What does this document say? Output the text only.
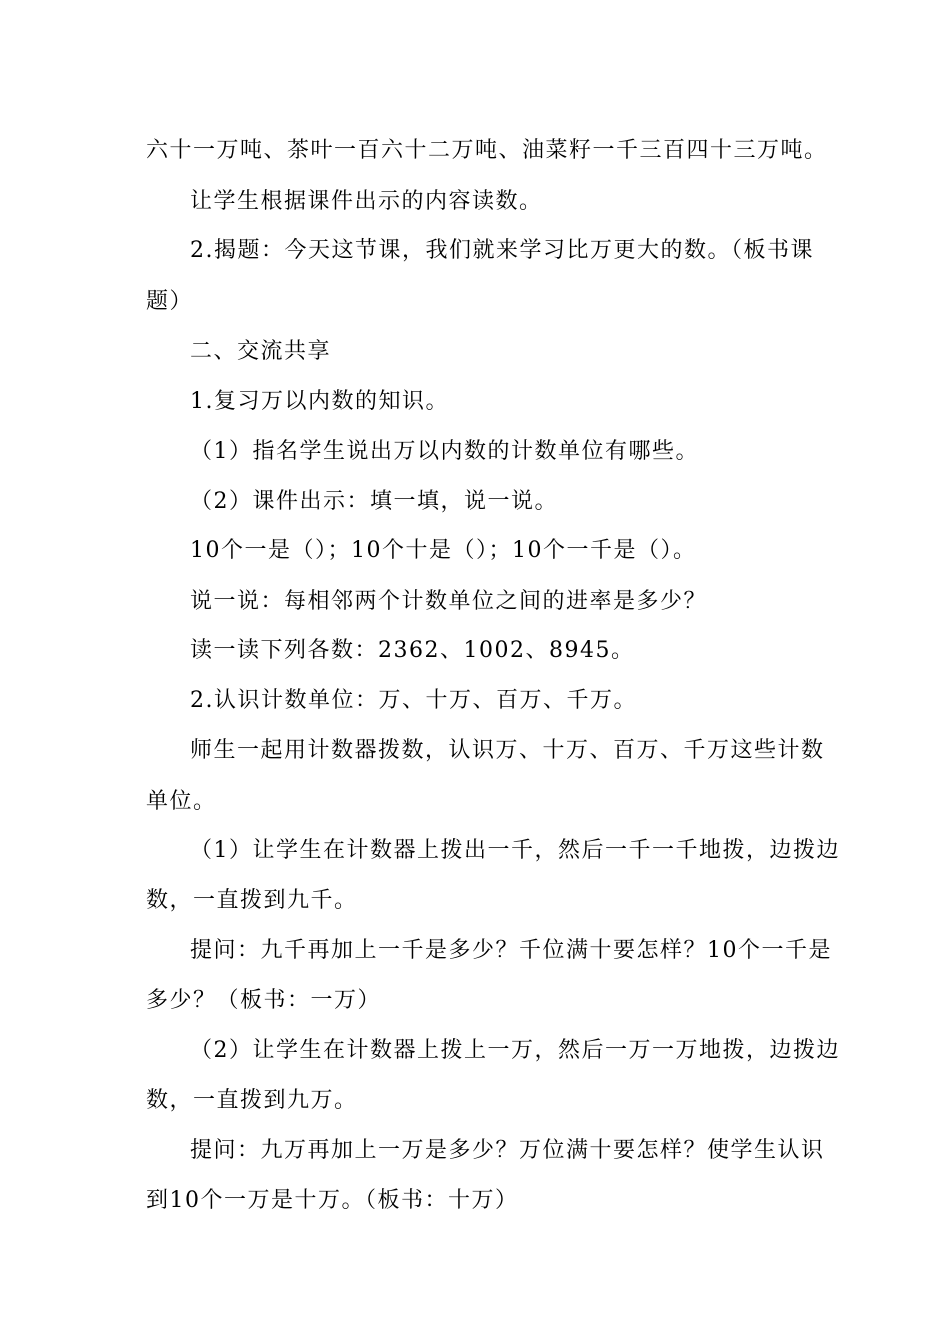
六十一万吨、茶叶一百六十二万吨、油菜籽一千三百四十三万吨。
让学生根据课件出示的内容读数。
2.揭题：今天这节课，我们就来学习比万更大的数。（板书课
题）
二、交流共享
1.复习万以内数的知识。
（1）指名学生说出万以内数的计数单位有哪些。
（2）课件出示：填一填，说一说。
10个一是（）；10个十是（）；10个一千是（）。
说一说：每相邻两个计数单位之间的进率是多少？
读一读下列各数：2362、1002、8945。
2.认识计数单位：万、十万、百万、千万。
师生一起用计数器拨数，认识万、十万、百万、千万这些计数
单位。
（1）让学生在计数器上拨出一千，然后一千一千地拨，边拨边
数，一直拨到九千。
提问：九千再加上一千是多少？千位满十要怎样？10个一千是
多少？（板书：一万）
（2）让学生在计数器上拨上一万，然后一万一万地拨，边拨边
数，一直拨到九万。
提问：九万再加上一万是多少？万位满十要怎样？使学生认识
到10个一万是十万。（板书：十万）
